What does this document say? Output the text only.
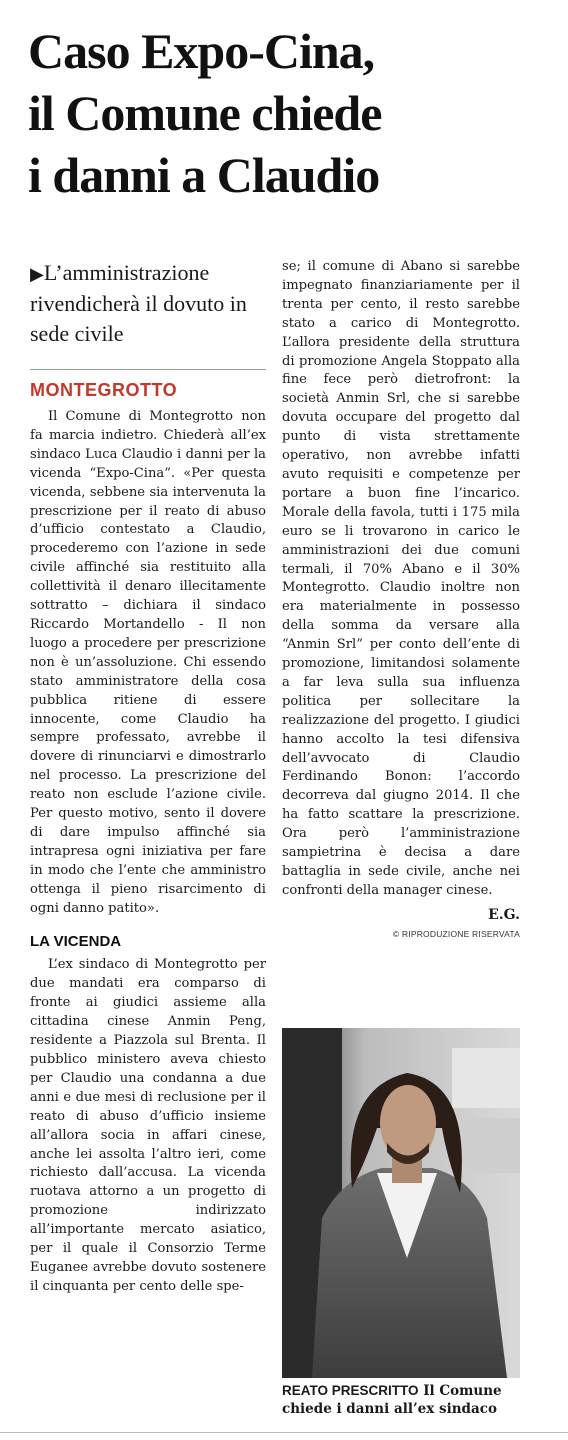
Caso Expo-Cina,
il Comune chiede
i danni a Claudio
▶L’amministrazione rivendicherà il dovuto in sede civile
MONTEGROTTO

Il Comune di Montegrotto non fa marcia indietro. Chiederà all’ex sindaco Luca Claudio i danni per la vicenda “Expo-Cina”. «Per questa vicenda, sebbene sia intervenuta la prescrizione per il reato di abuso d’ufficio contestato a Claudio, procederemo con l’azione in sede civile affinché sia restituito alla collettività il denaro illecitamente sottratto – dichiara il sindaco Riccardo Mortandello - Il non luogo a procedere per prescrizione non è un’assoluzione. Chi essendo stato amministratore della cosa pubblica ritiene di essere innocente, come Claudio ha sempre professato, avrebbe il dovere di rinunciarvi e dimostrarlo nel processo. La prescrizione del reato non esclude l’azione civile. Per questo motivo, sento il dovere di dare impulso affinché sia intrapresa ogni iniziativa per fare in modo che l’ente che amministro ottenga il pieno risarcimento di ogni danno patito».

LA VICENDA

L’ex sindaco di Montegrotto per due mandati era comparso di fronte ai giudici assieme alla cittadina cinese Anmin Peng, residente a Piazzola sul Brenta. Il pubblico ministero aveva chiesto per Claudio una condanna a due anni e due mesi di reclusione per il reato di abuso d’ufficio insieme all’allora socia in affari cinese, anche lei assolta l’altro ieri, come richiesto dall’accusa. La vicenda ruotava attorno a un progetto di promozione indirizzato all’importante mercato asiatico, per il quale il Consorzio Terme Euganee avrebbe dovuto sostenere il cinquanta per cento delle spe-

se; il comune di Abano si sarebbe impegnato finanziariamente per il trenta per cento, il resto sarebbe stato a carico di Montegrotto. L’allora presidente della struttura di promozione Angela Stoppato alla fine fece però dietrofront: la società Anmin Srl, che si sarebbe dovuta occupare del progetto dal punto di vista strettamente operativo, non avrebbe infatti avuto requisiti e competenze per portare a buon fine l’incarico. Morale della favola, tutti i 175 mila euro se li trovarono in carico le amministrazioni dei due comuni termali, il 70% Abano e il 30% Montegrotto. Claudio inoltre non era materialmente in possesso della somma da versare alla “Anmin Srl” per conto dell’ente di promozione, limitandosi solamente a far leva sulla sua influenza politica per sollecitare la realizzazione del progetto. I giudici hanno accolto la tesi difensiva dell’avvocato di Claudio Ferdinando Bonon: l’accordo decorreva dal giugno 2014. Il che ha fatto scattare la prescrizione. Ora però l’amministrazione sampietrina è decisa a dare battaglia in sede civile, anche nei confronti della manager cinese.

E.G.
© RIPRODUZIONE RISERVATA
REATO PRESCRITTO Il Comune chiede i danni all’ex sindaco
